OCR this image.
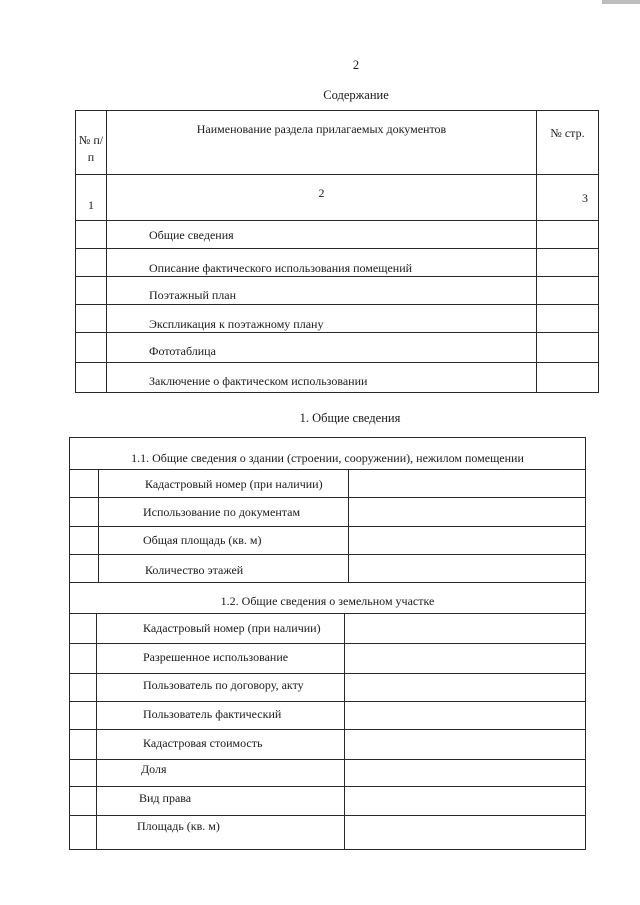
2
Содержание
№ п/п
Наименование раздела прилагаемых документов	№ стр.
1
2	3
Общие сведения
Описание фактического использования помещений
Поэтажный план
Экспликация к поэтажному плану
Фототаблица
Заключение о фактическом использовании
1. Общие сведения
1.1. Общие сведения о здании (строении, сооружении), нежилом помещении
1.2. Общие сведения о земельном участке
Кадастровый номер (при наличии)
Использование по документам
Общая площадь (кв. м)
Количество этажей
Кадастровый номер (при наличии)
Разрешенное использование
Пользователь по договору, акту
Пользователь фактический
Кадастровая стоимость
Доля
Вид права
Площадь (кв. м)
